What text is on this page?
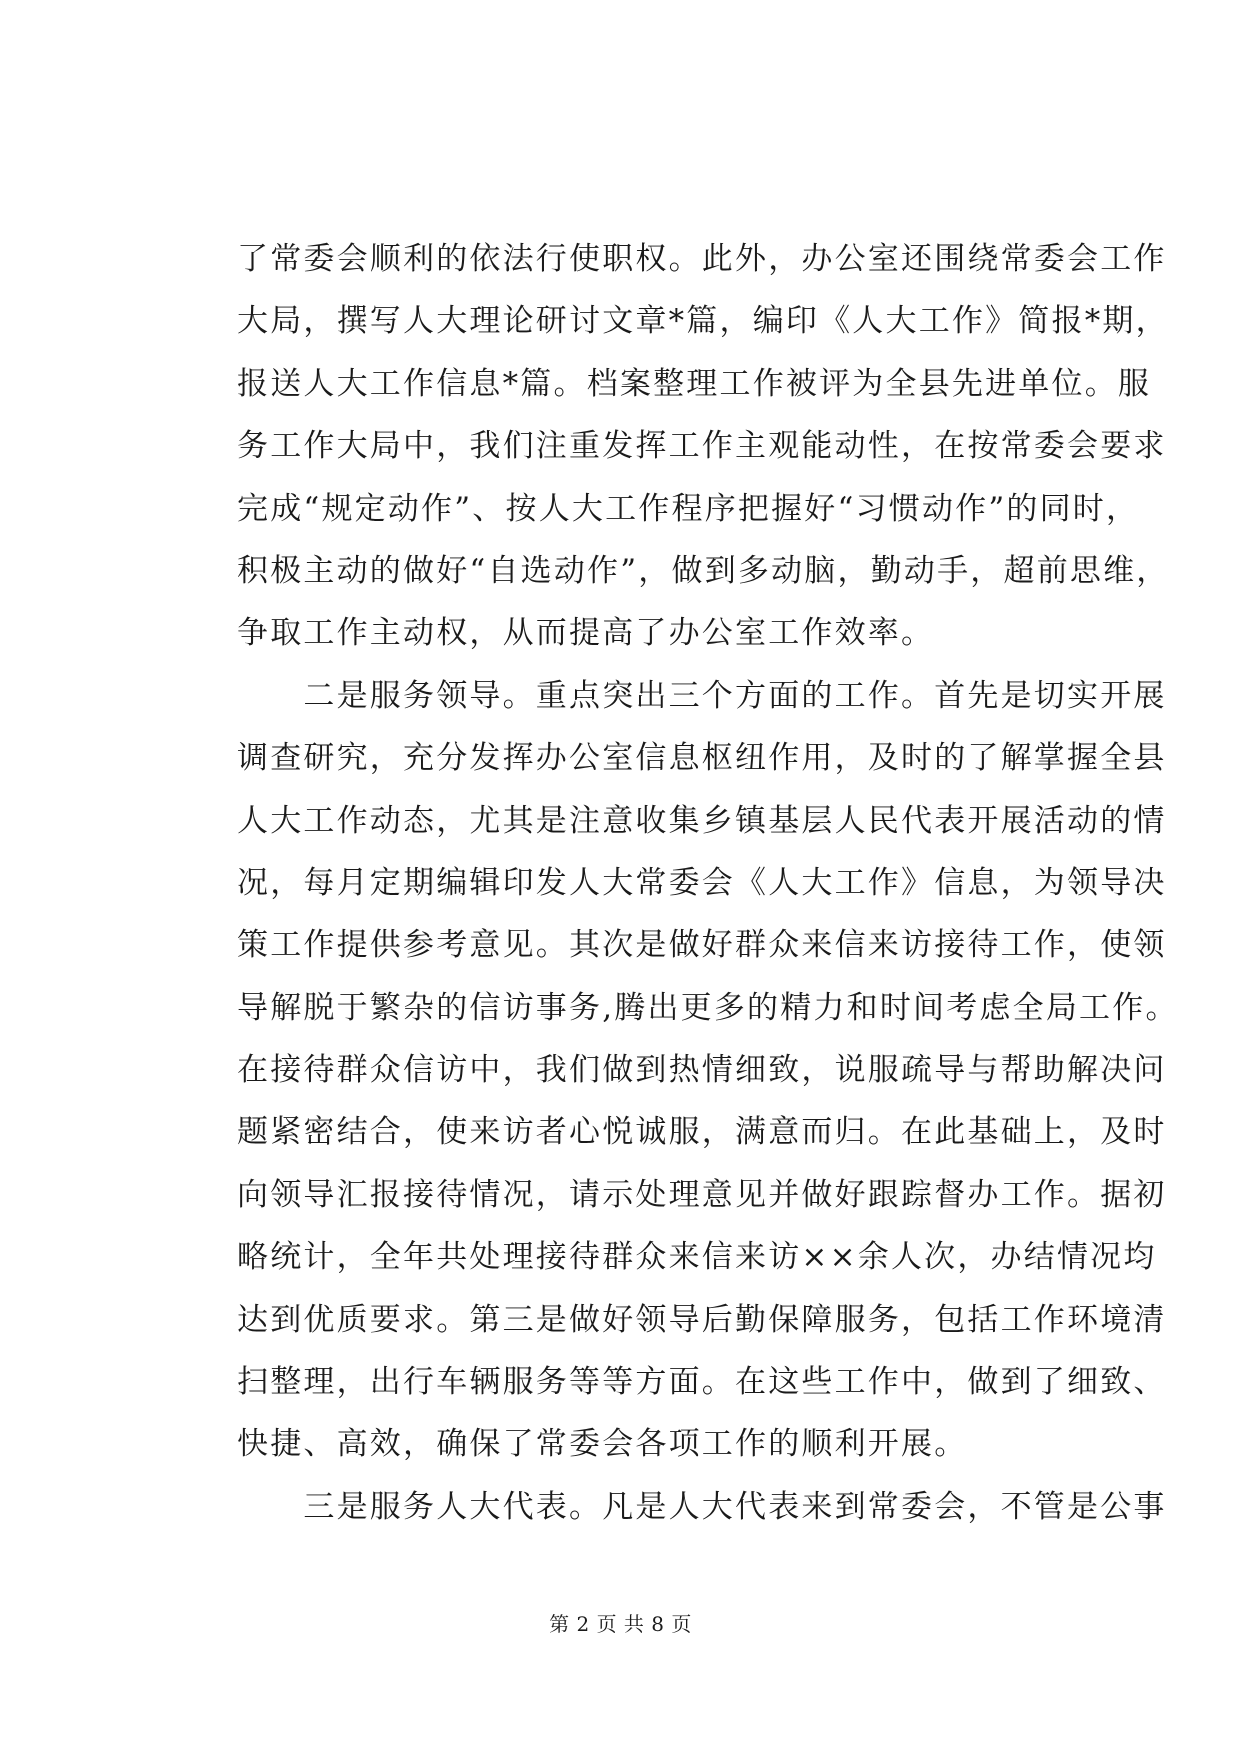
了常委会顺利的依法行使职权。此外，办公室还围绕常委会工作
大局，撰写人大理论研讨文章*篇，编印《人大工作》简报*期，
报送人大工作信息*篇。档案整理工作被评为全县先进单位。服
务工作大局中，我们注重发挥工作主观能动性，在按常委会要求
完成“规定动作”、按人大工作程序把握好“习惯动作”的同时，
积极主动的做好“自选动作”，做到多动脑，勤动手，超前思维，
争取工作主动权，从而提高了办公室工作效率。
　　二是服务领导。重点突出三个方面的工作。首先是切实开展
调查研究，充分发挥办公室信息枢纽作用，及时的了解掌握全县
人大工作动态，尤其是注意收集乡镇基层人民代表开展活动的情
况，每月定期编辑印发人大常委会《人大工作》信息，为领导决
策工作提供参考意见。其次是做好群众来信来访接待工作，使领
导解脱于繁杂的信访事务,腾出更多的精力和时间考虑全局工作。
在接待群众信访中，我们做到热情细致，说服疏导与帮助解决问
题紧密结合，使来访者心悦诚服，满意而归。在此基础上，及时
向领导汇报接待情况，请示处理意见并做好跟踪督办工作。据初
略统计，全年共处理接待群众来信来访××余人次，办结情况均
达到优质要求。第三是做好领导后勤保障服务，包括工作环境清
扫整理，出行车辆服务等等方面。在这些工作中，做到了细致、
快捷、高效，确保了常委会各项工作的顺利开展。
　　三是服务人大代表。凡是人大代表来到常委会，不管是公事
第 2 页 共 8 页
